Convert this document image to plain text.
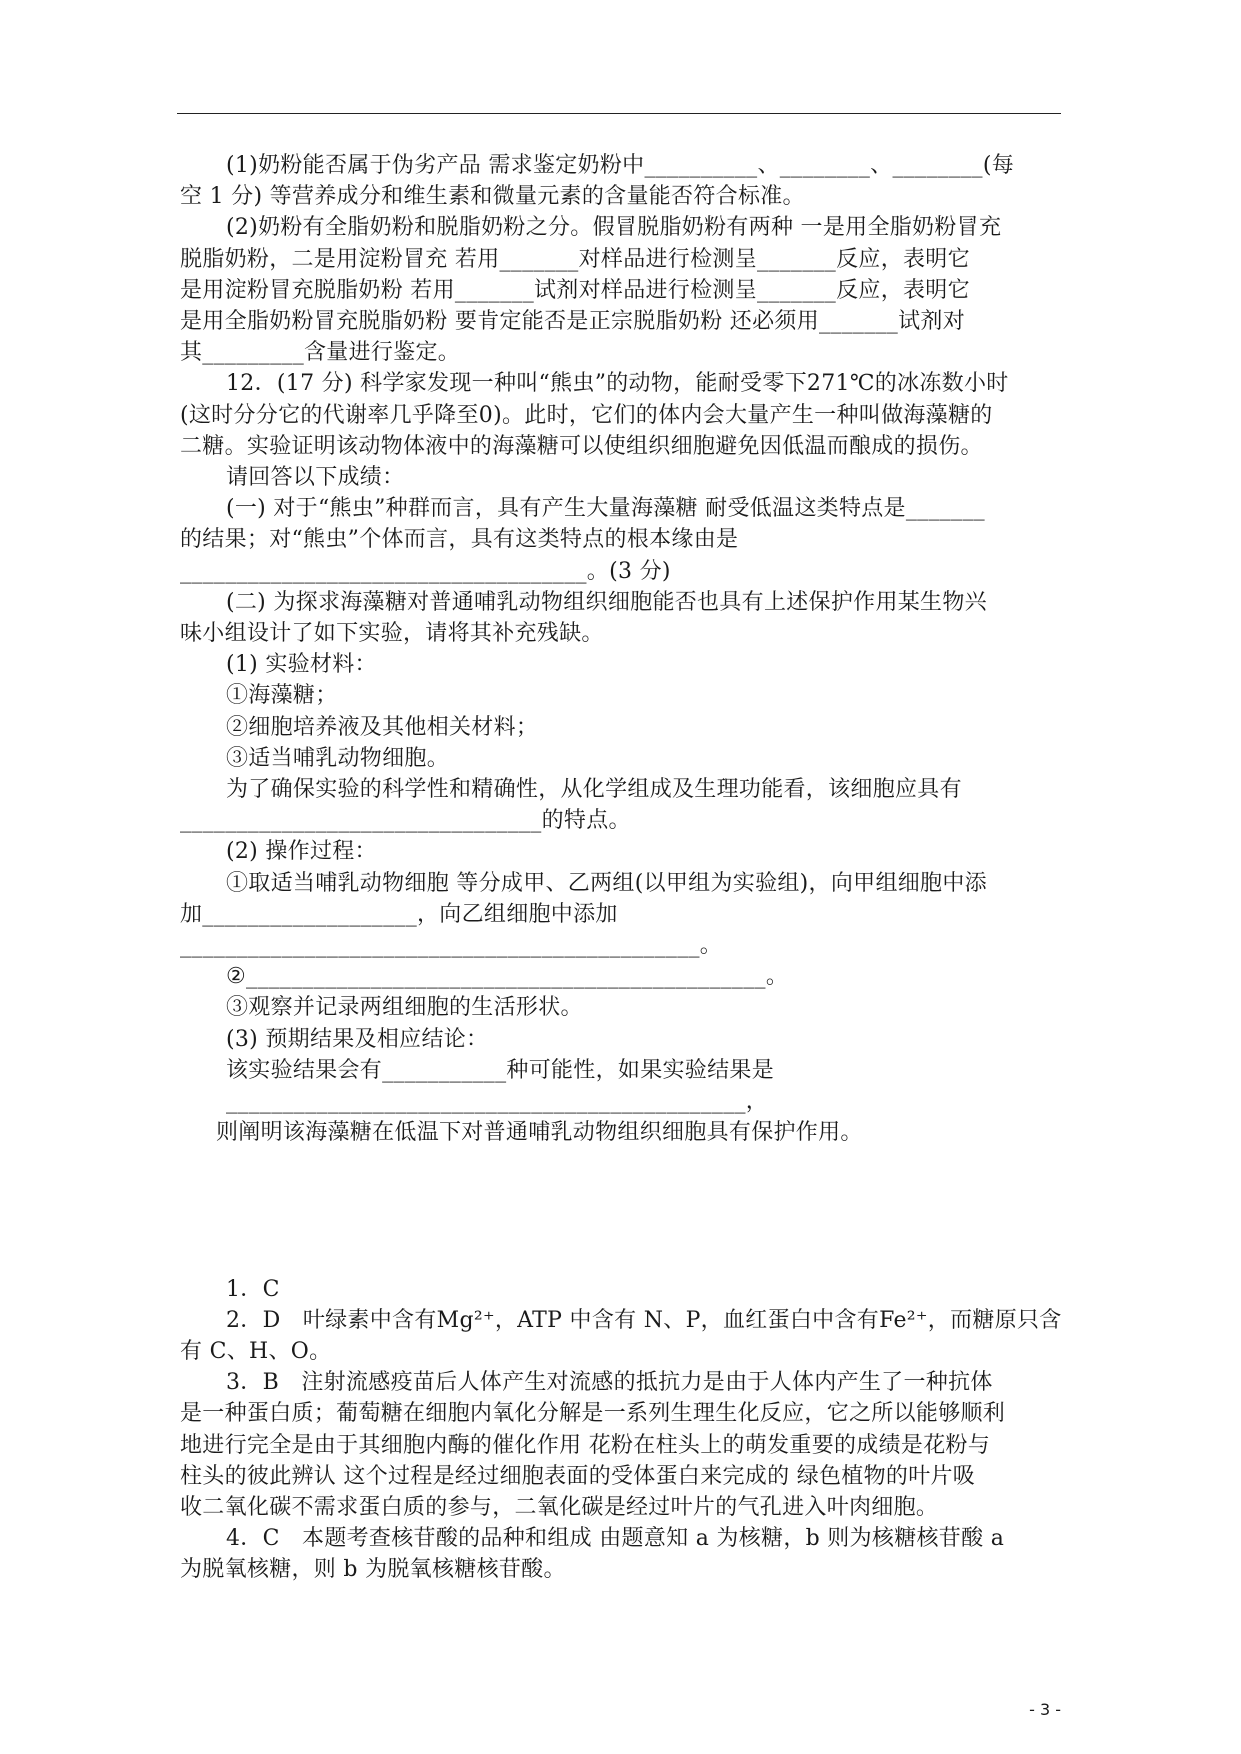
(1)奶粉能否属于伪劣产品 需求鉴定奶粉中__________、________、________(每
空 1 分) 等营养成分和维生素和微量元素的含量能否符合标准。
(2)奶粉有全脂奶粉和脱脂奶粉之分。假冒脱脂奶粉有两种 一是用全脂奶粉冒充
脱脂奶粉，二是用淀粉冒充 若用_______对样品进行检测呈_______反应，表明它
是用淀粉冒充脱脂奶粉 若用_______试剂对样品进行检测呈_______反应，表明它
是用全脂奶粉冒充脱脂奶粉 要肯定能否是正宗脱脂奶粉 还必须用_______试剂对
其_________含量进行鉴定。
12．(17 分) 科学家发现一种叫“熊虫”的动物，能耐受零下271℃的冰冻数小时
(这时分分它的代谢率几乎降至0)。此时，它们的体内会大量产生一种叫做海藻糖的
二糖。实验证明该动物体液中的海藻糖可以使组织细胞避免因低温而酿成的损伤。
请回答以下成绩：
(一) 对于“熊虫”种群而言，具有产生大量海藻糖 耐受低温这类特点是_______
的结果；对“熊虫”个体而言，具有这类特点的根本缘由是
____________________________________。(3 分)
(二) 为探求海藻糖对普通哺乳动物组织细胞能否也具有上述保护作用某生物兴
味小组设计了如下实验，请将其补充残缺。
(1) 实验材料：
①海藻糖；
②细胞培养液及其他相关材料；
③适当哺乳动物细胞。
为了确保实验的科学性和精确性，从化学组成及生理功能看，该细胞应具有
________________________________的特点。
(2) 操作过程：
①取适当哺乳动物细胞 等分成甲、乙两组(以甲组为实验组)，向甲组细胞中添
加___________________，向乙组细胞中添加
______________________________________________。
②______________________________________________。
③观察并记录两组细胞的生活形状。
(3) 预期结果及相应结论：
该实验结果会有___________种可能性，如果实验结果是
______________________________________________，
则阐明该海藻糖在低温下对普通哺乳动物组织细胞具有保护作用。
1．C
2．D　叶绿素中含有Mg²⁺，ATP 中含有 N、P，血红蛋白中含有Fe²⁺，而糖原只含
有 C、H、O。
3．B　注射流感疫苗后人体产生对流感的抵抗力是由于人体内产生了一种抗体
是一种蛋白质；葡萄糖在细胞内氧化分解是一系列生理生化反应，它之所以能够顺利
地进行完全是由于其细胞内酶的催化作用 花粉在柱头上的萌发重要的成绩是花粉与
柱头的彼此辨认 这个过程是经过细胞表面的受体蛋白来完成的 绿色植物的叶片吸
收二氧化碳不需求蛋白质的参与，二氧化碳是经过叶片的气孔进入叶肉细胞。
4．C　本题考查核苷酸的品种和组成 由题意知 a 为核糖，b 则为核糖核苷酸 a
为脱氧核糖，则 b 为脱氧核糖核苷酸。
- 3 -
